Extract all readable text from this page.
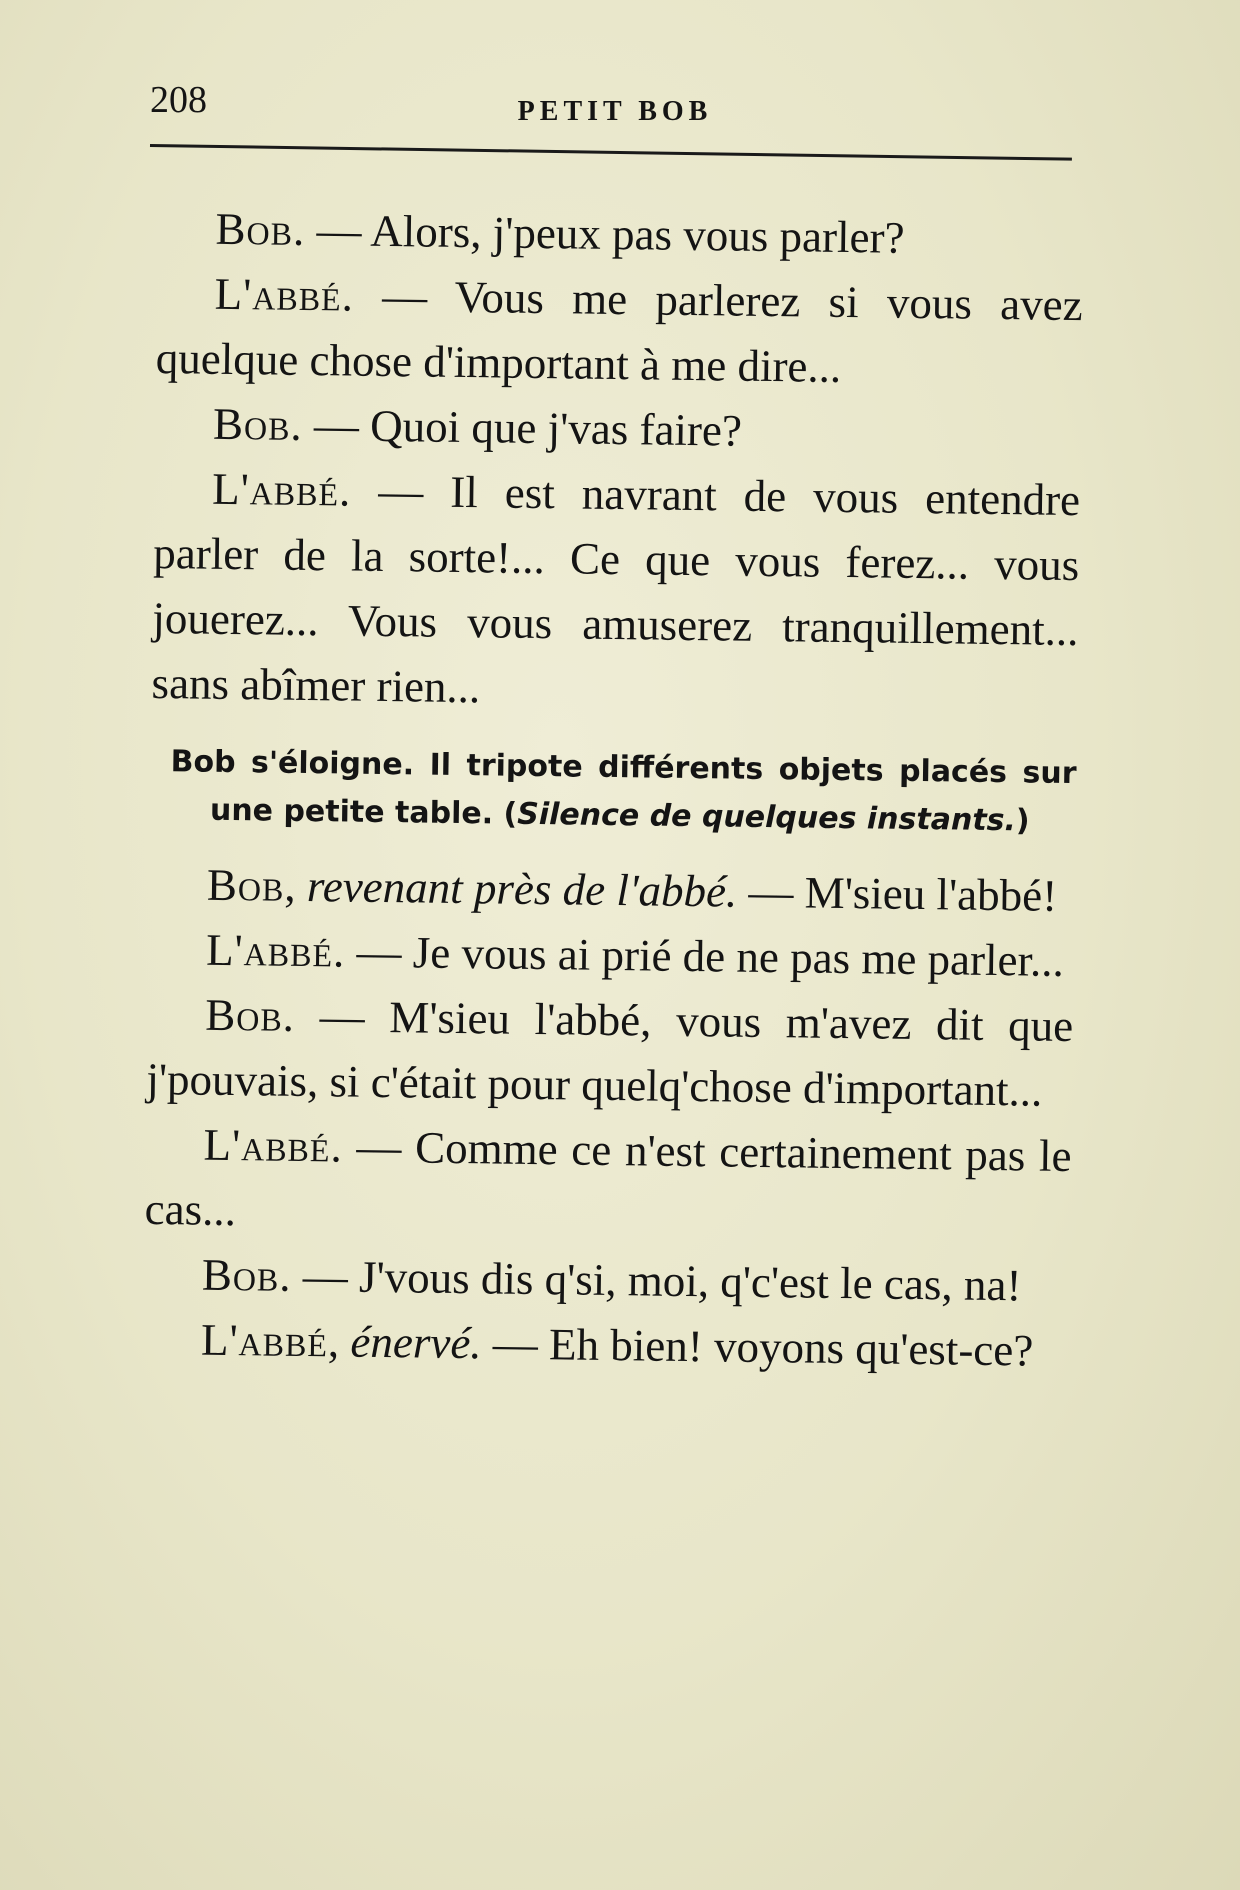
208	PETIT BOB

Bob. — Alors, j'peux pas vous parler?

L'abbé. — Vous me parlerez si vous avez quelque chose d'important à me dire...

Bob. — Quoi que j'vas faire?

L'abbé. — Il est navrant de vous entendre parler de la sorte!... Ce que vous ferez... vous jouerez... Vous vous amuserez tranquillement... sans abîmer rien...

Bob s'éloigne. Il tripote différents objets placés sur une petite table. (Silence de quelques instants.)

Bob, revenant près de l'abbé. — M'sieu l'abbé!

L'abbé. — Je vous ai prié de ne pas me parler...

Bob. — M'sieu l'abbé, vous m'avez dit que j'pouvais, si c'était pour quelq'chose d'important...

L'abbé. — Comme ce n'est certainement pas le cas...

Bob. — J'vous dis q'si, moi, q'c'est le cas, na!

L'abbé, énervé. — Eh bien! voyons qu'est-ce?
